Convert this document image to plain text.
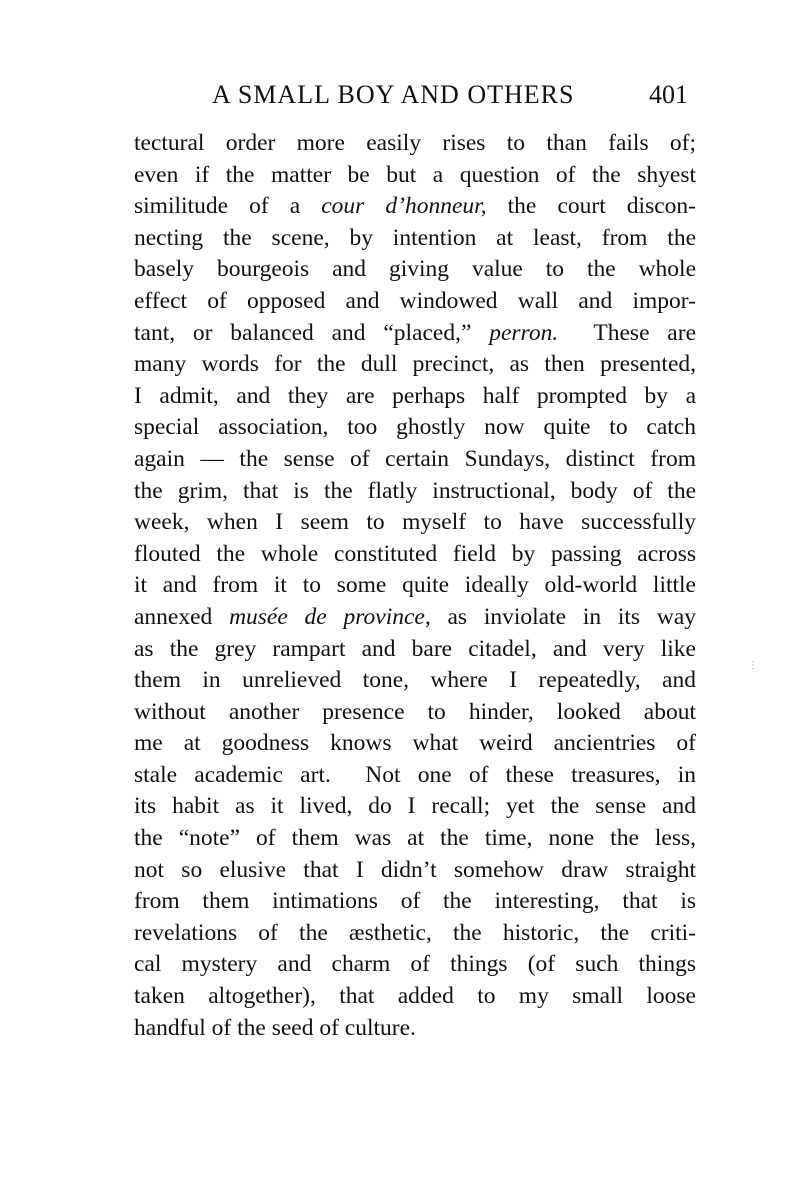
A SMALL BOY AND OTHERS	401
tectural order more easily rises to than fails of;
even if the matter be but a question of the shyest
similitude of a cour d’honneur, the court discon-
necting the scene, by intention at least, from the
basely bourgeois and giving value to the whole
effect of opposed and windowed wall and impor-
tant, or balanced and “placed,” perron.  These are
many words for the dull precinct, as then presented,
I admit, and they are perhaps half prompted by a
special association, too ghostly now quite to catch
again — the sense of certain Sundays, distinct from
the grim, that is the flatly instructional, body of the
week, when I seem to myself to have successfully
flouted the whole constituted field by passing across
it and from it to some quite ideally old-world little
annexed musée de province, as inviolate in its way
as the grey rampart and bare citadel, and very like
them in unrelieved tone, where I repeatedly, and
without another presence to hinder, looked about
me at goodness knows what weird ancientries of
stale academic art.  Not one of these treasures, in
its habit as it lived, do I recall; yet the sense and
the “note” of them was at the time, none the less,
not so elusive that I didn’t somehow draw straight
from them intimations of the interesting, that is
revelations of the æsthetic, the historic, the criti-
cal mystery and charm of things (of such things
taken altogether), that added to my small loose
handful of the seed of culture.
⋮
